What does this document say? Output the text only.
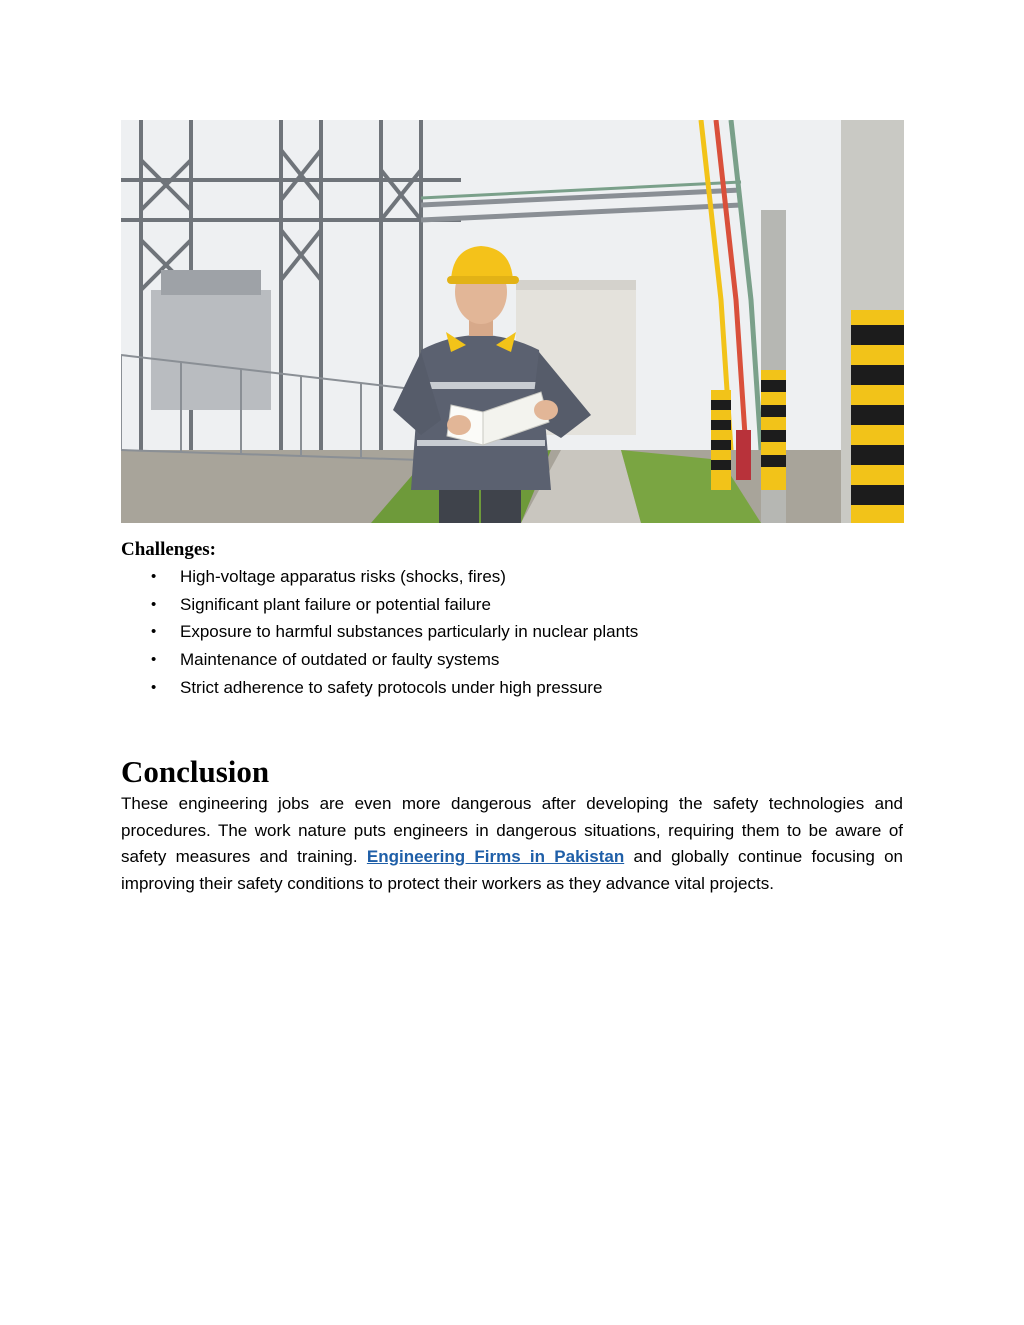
Challenges:
• High-voltage apparatus risks (shocks, fires)
• Significant plant failure or potential failure
• Exposure to harmful substances particularly in nuclear plants
• Maintenance of outdated or faulty systems
• Strict adherence to safety protocols under high pressure
Conclusion

These engineering jobs are even more dangerous after developing the safety technologies and procedures. The work nature puts engineers in dangerous situations, requiring them to be aware of safety measures and training. Engineering Firms in Pakistan and globally continue focusing on improving their safety conditions to protect their workers as they advance vital projects.
